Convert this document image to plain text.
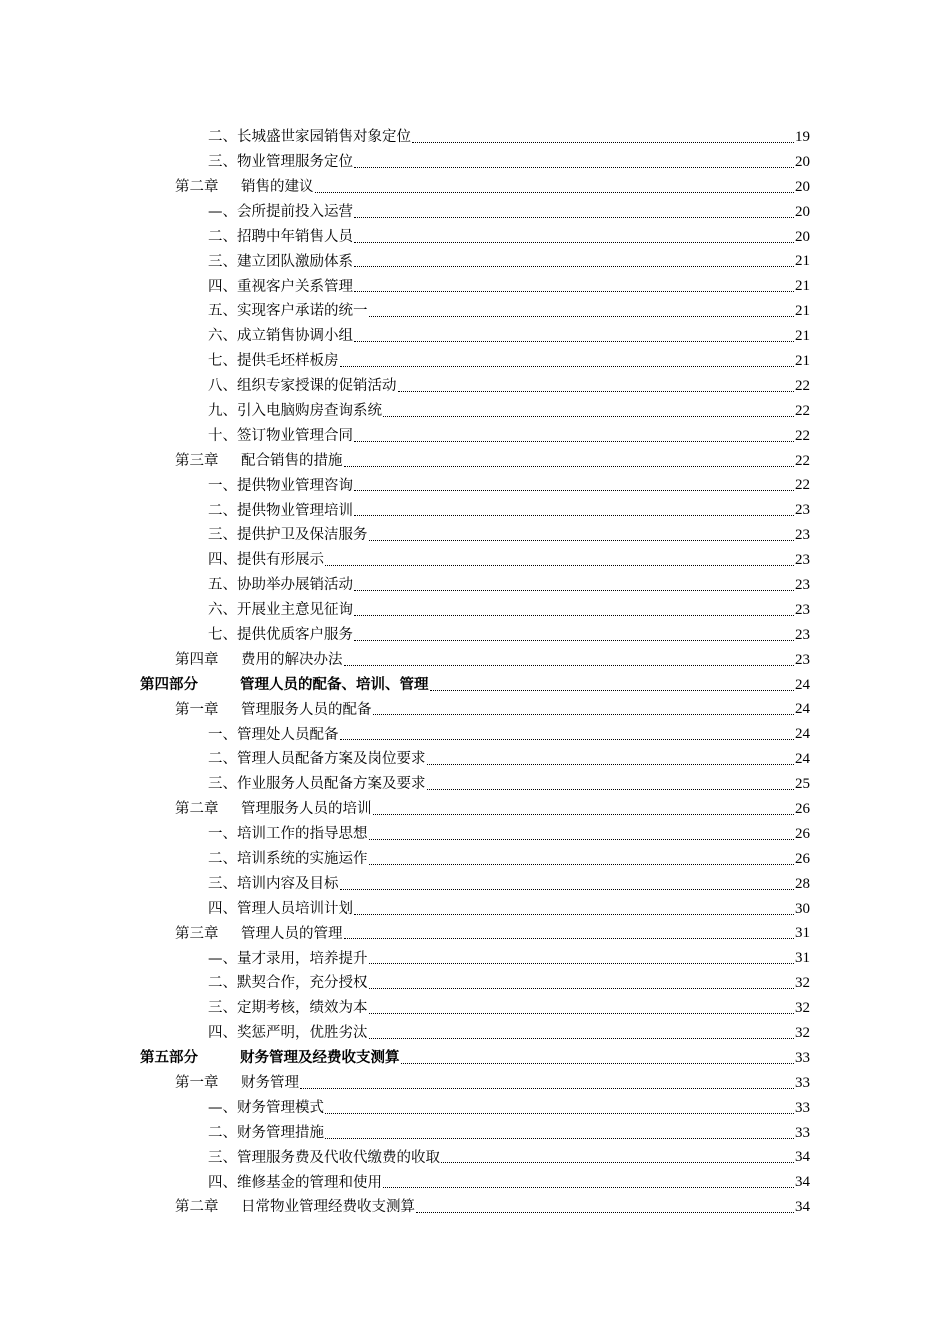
二、 长城盛世家园销售对象定位	19
三、 物业管理服务定位	20
第二章	销售的建议	20
—、 会所提前投入运营	20
二、 招聘中年销售人员	20
三、 建立团队激励体系	21
四、 重视客户关系管理	21
五、 实现客户承诺的统一	21
六、 成立销售协调小组	21
七、 提供毛坯样板房	21
八、 组织专家授课的促销活动	22
九、 引入电脑购房查询系统	22
十、 签订物业管理合同	22
第三章	配合销售的措施	22
一、 提供物业管理咨询	22
二、 提供物业管理培训	23
三、 提供护卫及保洁服务	23
四、 提供有形展示	23
五、 协助举办展销活动	23
六、 开展业主意见征询	23
七、 提供优质客户服务	23
第四章	费用的解决办法	23
第四部分	管理人员的配备、培训、管理	24
第一章	管理服务人员的配备	24
一、 管理处人员配备	24
二、 管理人员配备方案及岗位要求	24
三、 作业服务人员配备方案及要求	25
第二章	管理服务人员的培训	26
一、 培训工作的指导思想	26
二、 培训系统的实施运作	26
三、 培训内容及目标	28
四、 管理人员培训计划	30
第三章	管理人员的管理	31
—、 量才录用，培养提升	31
二、 默契合作，充分授权	32
三、 定期考核，绩效为本	32
四、 奖惩严明，优胜劣汰	32
第五部分	财务管理及经费收支测算	33
第一章	财务管理	33
—、 财务管理模式	33
二、 财务管理措施	33
三、 管理服务费及代收代缴费的收取	34
四、 维修基金的管理和使用	34
第二章	日常物业管理经费收支测算	34
